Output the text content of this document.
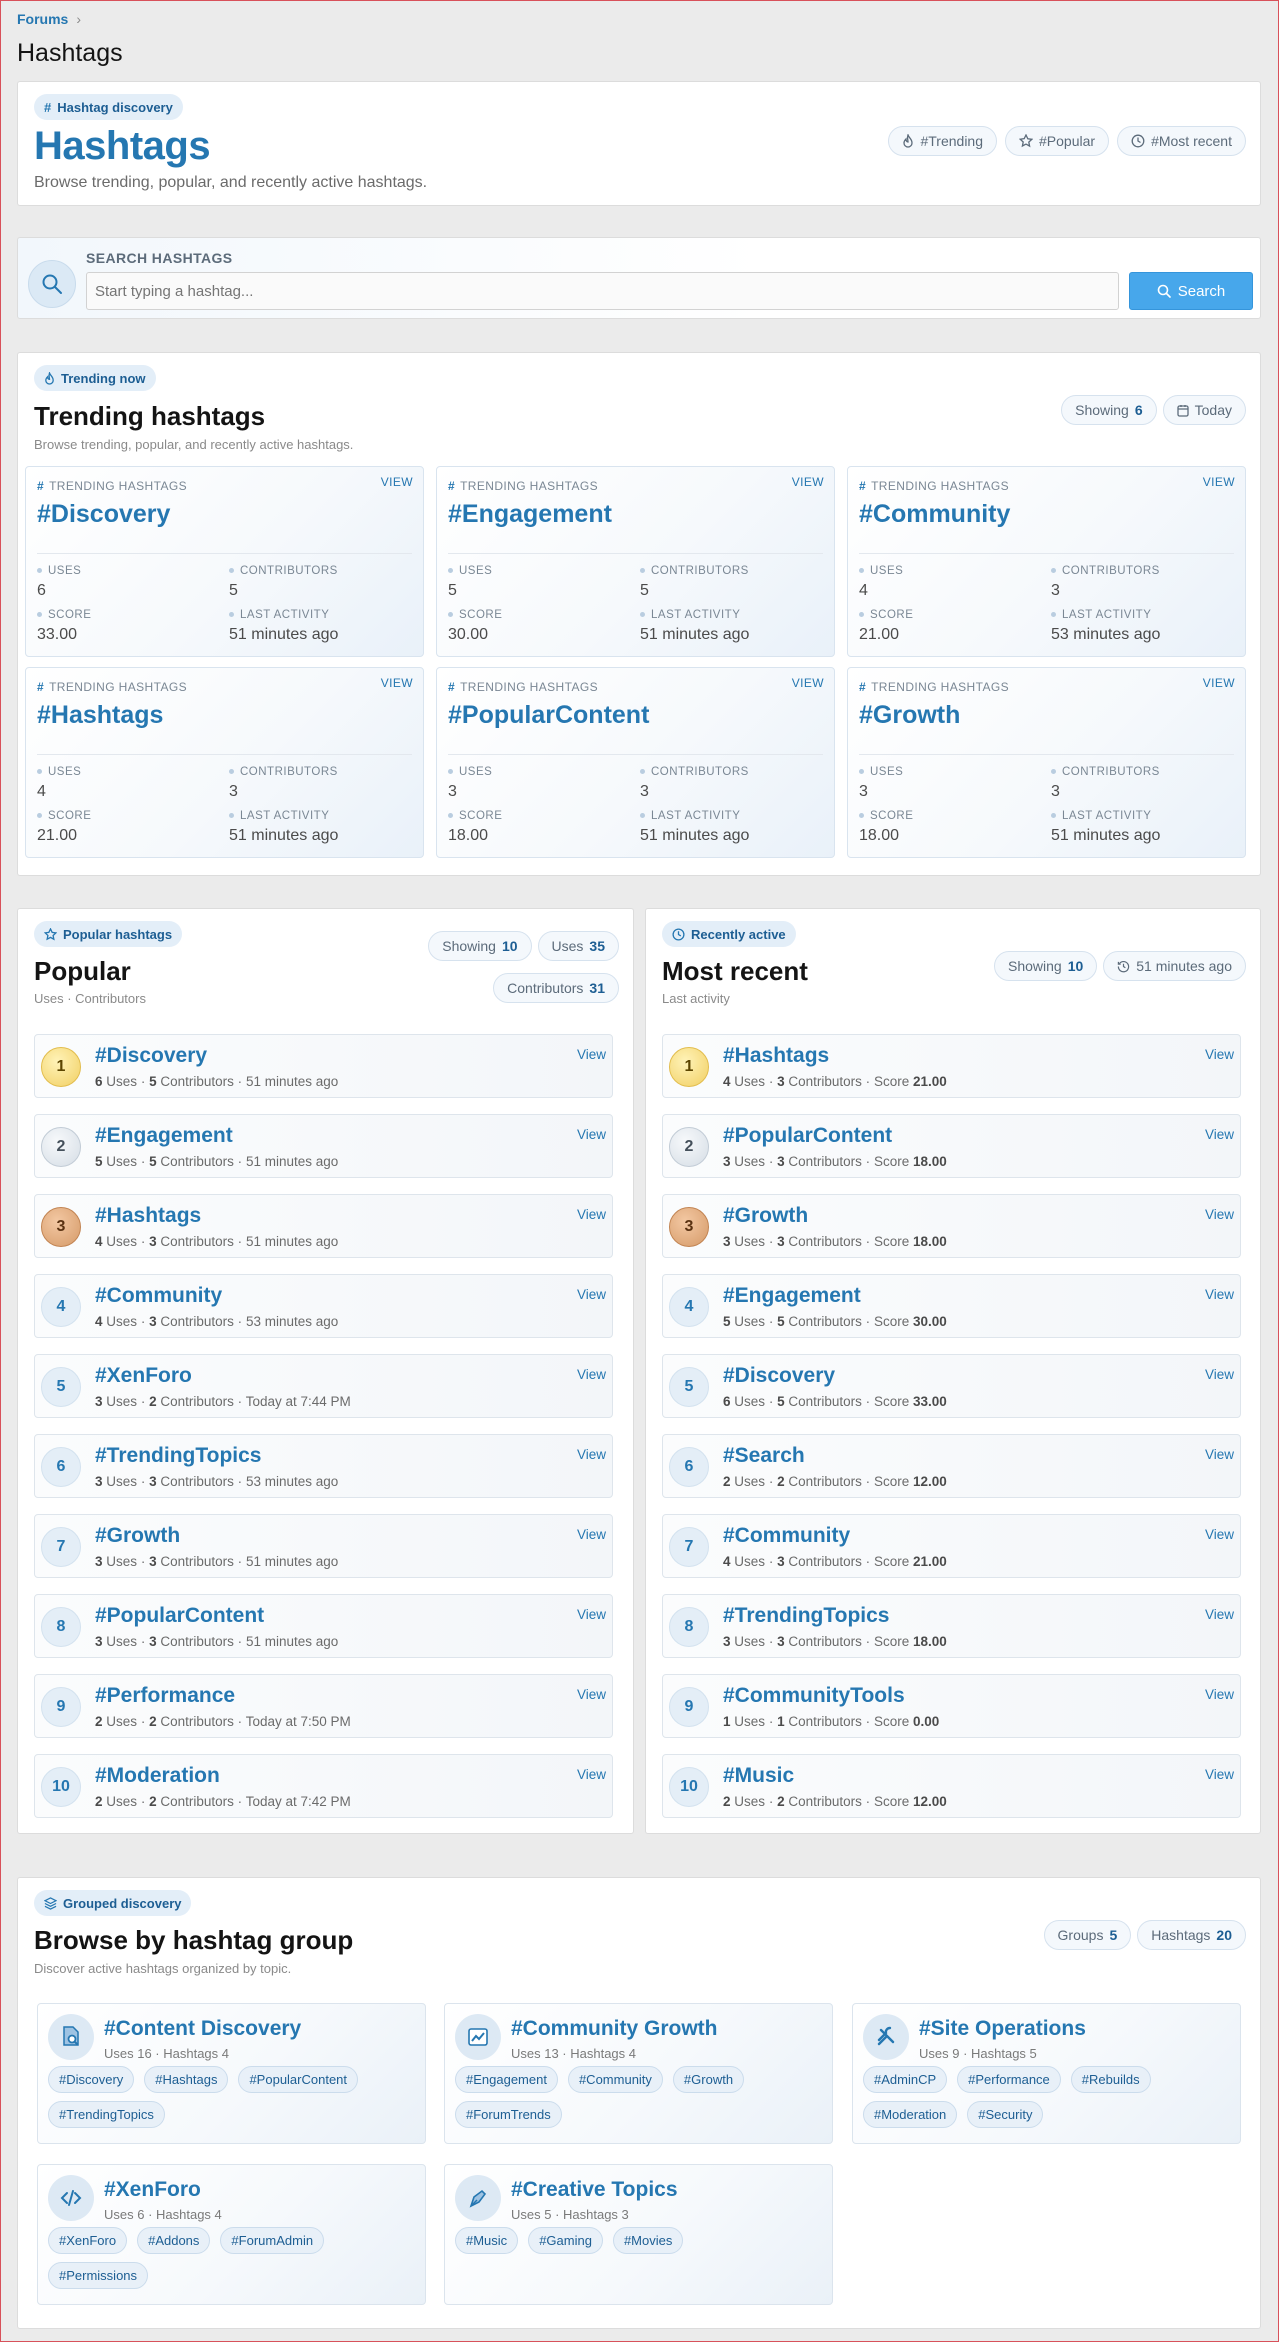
Forums ›
Hashtags
# Hashtag discovery
Hashtags
Browse trending, popular, and recently active hashtags.
#Trending	#Popular	#Most recent
SEARCH HASHTAGS
Start typing a hashtag...
Search
Trending now
Trending hashtags
Browse trending, popular, and recently active hashtags.
Showing 6	Today
# TRENDING HASHTAGS	VIEW
#Discovery
USES
6
CONTRIBUTORS
5
SCORE
33.00
LAST ACTIVITY
51 minutes ago
# TRENDING HASHTAGS	VIEW
#Engagement
USES
5
CONTRIBUTORS
5
SCORE
30.00
LAST ACTIVITY
51 minutes ago
# TRENDING HASHTAGS	VIEW
#Community
USES
4
CONTRIBUTORS
3
SCORE
21.00
LAST ACTIVITY
53 minutes ago
# TRENDING HASHTAGS	VIEW
#Hashtags
USES
4
CONTRIBUTORS
3
SCORE
21.00
LAST ACTIVITY
51 minutes ago
# TRENDING HASHTAGS	VIEW
#PopularContent
USES
3
CONTRIBUTORS
3
SCORE
18.00
LAST ACTIVITY
51 minutes ago
# TRENDING HASHTAGS	VIEW
#Growth
USES
3
CONTRIBUTORS
3
SCORE
18.00
LAST ACTIVITY
51 minutes ago
Popular hashtags
Popular
Uses · Contributors
Showing 10 Uses 35
Contributors 31
1	#Discovery
6 Uses · 5 Contributors · 51 minutes ago
View
2	#Engagement
5 Uses · 5 Contributors · 51 minutes ago
View
3	#Hashtags
4 Uses · 3 Contributors · 51 minutes ago
View
4	#Community
4 Uses · 3 Contributors · 53 minutes ago
View
5	#XenForo
3 Uses · 2 Contributors · Today at 7:44 PM
View
6	#TrendingTopics
3 Uses · 3 Contributors · 53 minutes ago
View
7	#Growth
3 Uses · 3 Contributors · 51 minutes ago
View
8	#PopularContent
3 Uses · 3 Contributors · 51 minutes ago
View
9	#Performance
2 Uses · 2 Contributors · Today at 7:50 PM
View
10	#Moderation
2 Uses · 2 Contributors · Today at 7:42 PM
View
Recently active
Most recent
Last activity
Showing 10	51 minutes ago
1	#Hashtags
4 Uses · 3 Contributors · Score 21.00
View
2	#PopularContent
3 Uses · 3 Contributors · Score 18.00
View
3	#Growth
3 Uses · 3 Contributors · Score 18.00
View
4	#Engagement
5 Uses · 5 Contributors · Score 30.00
View
5	#Discovery
6 Uses · 5 Contributors · Score 33.00
View
6	#Search
2 Uses · 2 Contributors · Score 12.00
View
7	#Community
4 Uses · 3 Contributors · Score 21.00
View
8	#TrendingTopics
3 Uses · 3 Contributors · Score 18.00
View
9	#CommunityTools
1 Uses · 1 Contributors · Score 0.00
View
10	#Music
2 Uses · 2 Contributors · Score 12.00
View
Grouped discovery
Browse by hashtag group
Discover active hashtags organized by topic.
Groups 5 Hashtags 20
#Content Discovery
Uses 16 · Hashtags 4
#Discovery	#Hashtags	#PopularContent
#TrendingTopics
#Community Growth
Uses 13 · Hashtags 4
#Engagement	#Community	#Growth
#ForumTrends
#Site Operations
Uses 9 · Hashtags 5
#AdminCP	#Performance	#Rebuilds
#Moderation	#Security
#XenForo
Uses 6 · Hashtags 4
#XenForo	#Addons	#ForumAdmin
#Permissions
#Creative Topics
Uses 5 · Hashtags 3
#Music	#Gaming	#Movies
